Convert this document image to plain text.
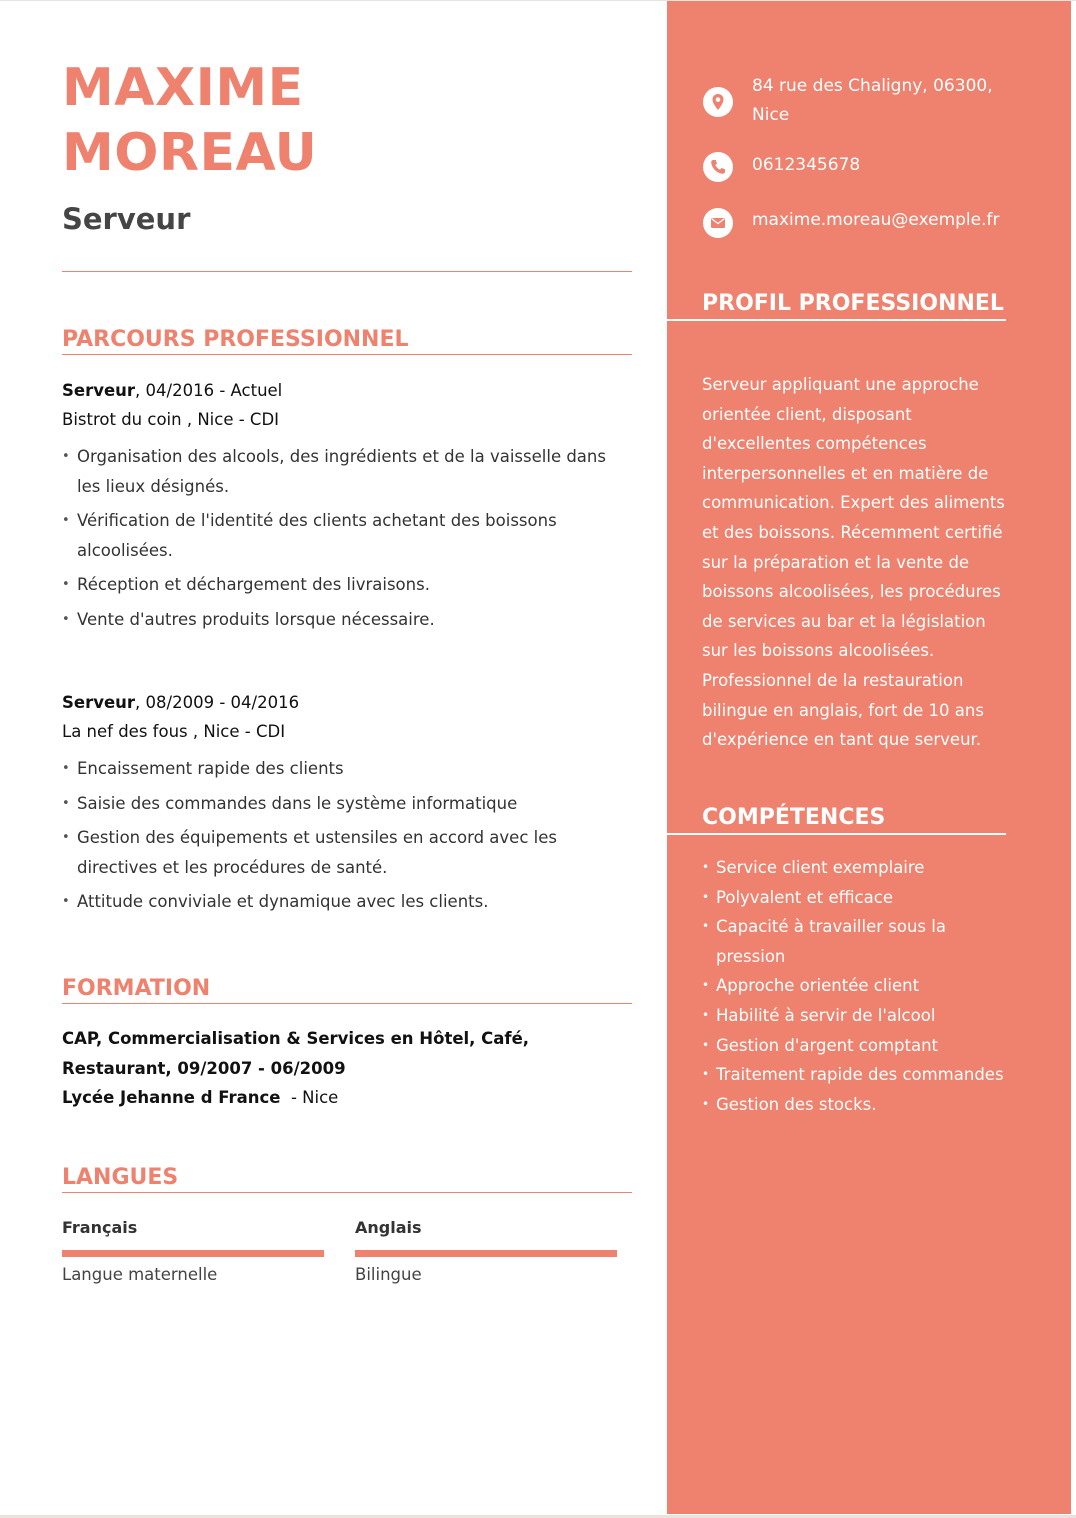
MAXIME
MOREAU
Serveur
PARCOURS PROFESSIONNEL
Serveur, 04/2016 - Actuel
Bistrot du coin , Nice - CDI
• Organisation des alcools, des ingrédients et de la vaisselle dans les lieux désignés.
• Vérification de l'identité des clients achetant des boissons alcoolisées.
• Réception et déchargement des livraisons.
• Vente d'autres produits lorsque nécessaire.
Serveur, 08/2009 - 04/2016
La nef des fous , Nice - CDI
• Encaissement rapide des clients
• Saisie des commandes dans le système informatique
• Gestion des équipements et ustensiles en accord avec les directives et les procédures de santé.
• Attitude conviviale et dynamique avec les clients.
FORMATION
CAP, Commercialisation & Services en Hôtel, Café, Restaurant, 09/2007 - 06/2009
Lycée Jehanne d France  - Nice
LANGUES
Français
Langue maternelle
Anglais
Bilingue
84 rue des Chaligny, 06300, Nice
0612345678
maxime.moreau@exemple.fr
PROFIL PROFESSIONNEL

Serveur appliquant une approche orientée client, disposant d'excellentes compétences interpersonnelles et en matière de communication. Expert des aliments et des boissons. Récemment certifié sur la préparation et la vente de boissons alcoolisées, les procédures de services au bar et la législation sur les boissons alcoolisées. Professionnel de la restauration bilingue en anglais, fort de 10 ans d'expérience en tant que serveur.

COMPÉTENCES
• Service client exemplaire
• Polyvalent et efficace
• Capacité à travailler sous la pression
• Approche orientée client
• Habilité à servir de l'alcool
• Gestion d'argent comptant
• Traitement rapide des commandes
• Gestion des stocks.
